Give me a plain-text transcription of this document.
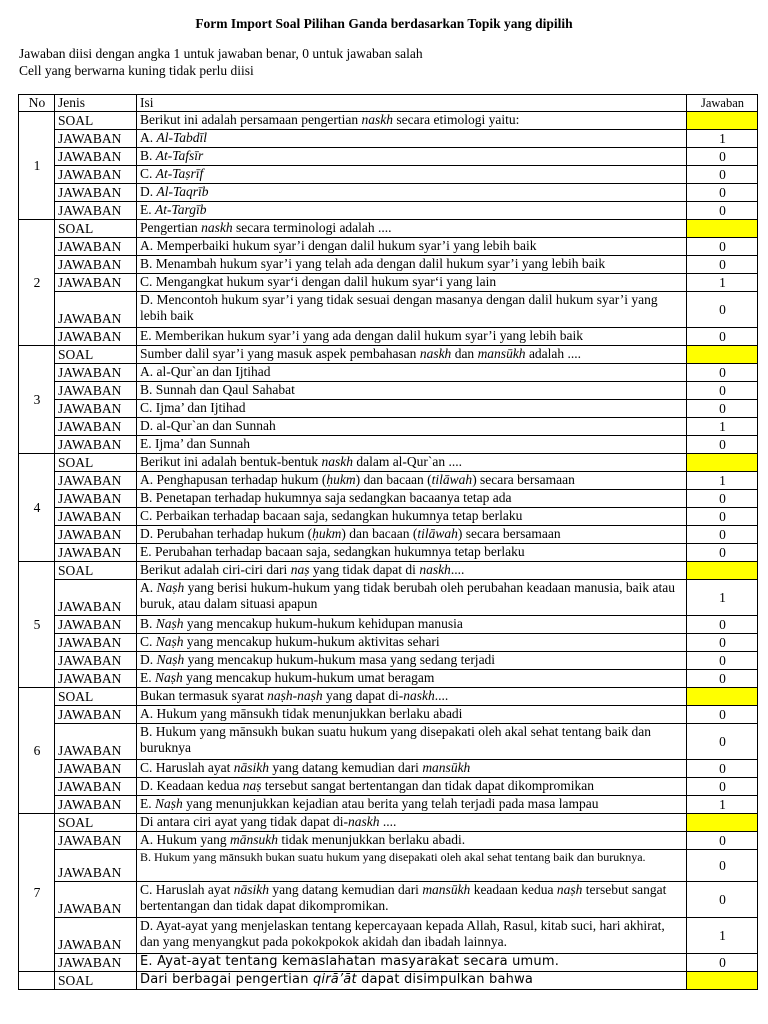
Form Import Soal Pilihan Ganda berdasarkan Topik yang dipilih
Jawaban diisi dengan angka 1 untuk jawaban benar, 0 untuk jawaban salah
Cell yang berwarna kuning tidak perlu diisi
No	Jenis	Isi	Jawaban
1	SOAL	Berikut ini adalah persamaan pengertian naskh secara etimologi yaitu:	
	JAWABAN	A. Al-Tabdīl	1
	JAWABAN	B. At-Tafsīr	0
	JAWABAN	C. At-Taṣrīf	0
	JAWABAN	D. Al-Taqrīb	0
	JAWABAN	E. At-Targīb	0
2	SOAL	Pengertian naskh secara terminologi adalah ....	
	JAWABAN	A. Memperbaiki hukum syar’i dengan dalil hukum syar’i yang lebih baik	0
	JAWABAN	B. Menambah hukum syar’i yang telah ada dengan dalil hukum syar’i yang lebih baik	0
	JAWABAN	C. Mengangkat hukum syar‘i dengan dalil hukum syar‘i yang lain	1
	JAWABAN	D. Mencontoh hukum syar’i yang tidak sesuai dengan masanya dengan dalil hukum syar’i yang lebih baik	0
	JAWABAN	E. Memberikan hukum syar’i yang ada dengan dalil hukum syar’i yang lebih baik	0
3	SOAL	Sumber dalil syar’i yang masuk aspek pembahasan naskh dan mansūkh adalah ....	
	JAWABAN	A. al-Qur`an dan Ijtihad	0
	JAWABAN	B. Sunnah dan Qaul Sahabat	0
	JAWABAN	C. Ijma’ dan Ijtihad	0
	JAWABAN	D. al-Qur`an dan Sunnah	1
	JAWABAN	E. Ijma’ dan Sunnah	0
4	SOAL	Berikut ini adalah bentuk-bentuk naskh dalam al-Qur`an ....	
	JAWABAN	A. Penghapusan terhadap hukum (ḥukm) dan bacaan (tilāwah) secara bersamaan	1
	JAWABAN	B. Penetapan terhadap hukumnya saja sedangkan bacaanya tetap ada	0
	JAWABAN	C. Perbaikan terhadap bacaan saja, sedangkan hukumnya tetap berlaku	0
	JAWABAN	D. Perubahan terhadap hukum (ḥukm) dan bacaan (tilāwah) secara bersamaan	0
	JAWABAN	E. Perubahan terhadap bacaan saja, sedangkan hukumnya tetap berlaku	0
5	SOAL	Berikut adalah ciri-ciri dari naṣ yang tidak dapat di naskh....	
	JAWABAN	A. Naṣh yang berisi hukum-hukum yang tidak berubah oleh perubahan keadaan manusia, baik atau buruk, atau dalam situasi apapun	1
	JAWABAN	B. Naṣh yang mencakup hukum-hukum kehidupan manusia	0
	JAWABAN	C. Naṣh yang mencakup hukum-hukum aktivitas sehari	0
	JAWABAN	D. Naṣh yang mencakup hukum-hukum masa yang sedang terjadi	0
	JAWABAN	E. Naṣh yang mencakup hukum-hukum umat beragam	0
6	SOAL	Bukan termasuk syarat naṣh-naṣh yang dapat di-naskh....	
	JAWABAN	A. Hukum yang mānsukh tidak menunjukkan berlaku abadi	0
	JAWABAN	B. Hukum yang mānsukh bukan suatu hukum yang disepakati oleh akal sehat tentang baik dan buruknya	0
	JAWABAN	C. Haruslah ayat nāsikh yang datang kemudian dari mansūkh	0
	JAWABAN	D. Keadaan kedua naṣ tersebut sangat bertentangan dan tidak dapat dikompromikan	0
	JAWABAN	E. Naṣh yang menunjukkan kejadian atau berita yang telah terjadi pada masa lampau	1
7	SOAL	Di antara ciri ayat yang tidak dapat di-naskh ....	
	JAWABAN	A. Hukum yang mānsukh tidak menunjukkan berlaku abadi.	0
	JAWABAN	B. Hukum yang mānsukh bukan suatu hukum yang disepakati oleh akal sehat tentang baik dan buruknya.	0
	JAWABAN	C. Haruslah ayat nāsikh yang datang kemudian dari mansūkh keadaan kedua naṣh tersebut sangat bertentangan dan tidak dapat dikompromikan.	0
	JAWABAN	D. Ayat-ayat yang menjelaskan tentang kepercayaan kepada Allah, Rasul, kitab suci, hari akhirat, dan yang menyangkut pada pokokpokok akidah dan ibadah lainnya.	1
	JAWABAN	E. Ayat-ayat tentang kemaslahatan masyarakat secara umum.	0
	SOAL	Dari berbagai pengertian qirā’āt dapat disimpulkan bahwa	
